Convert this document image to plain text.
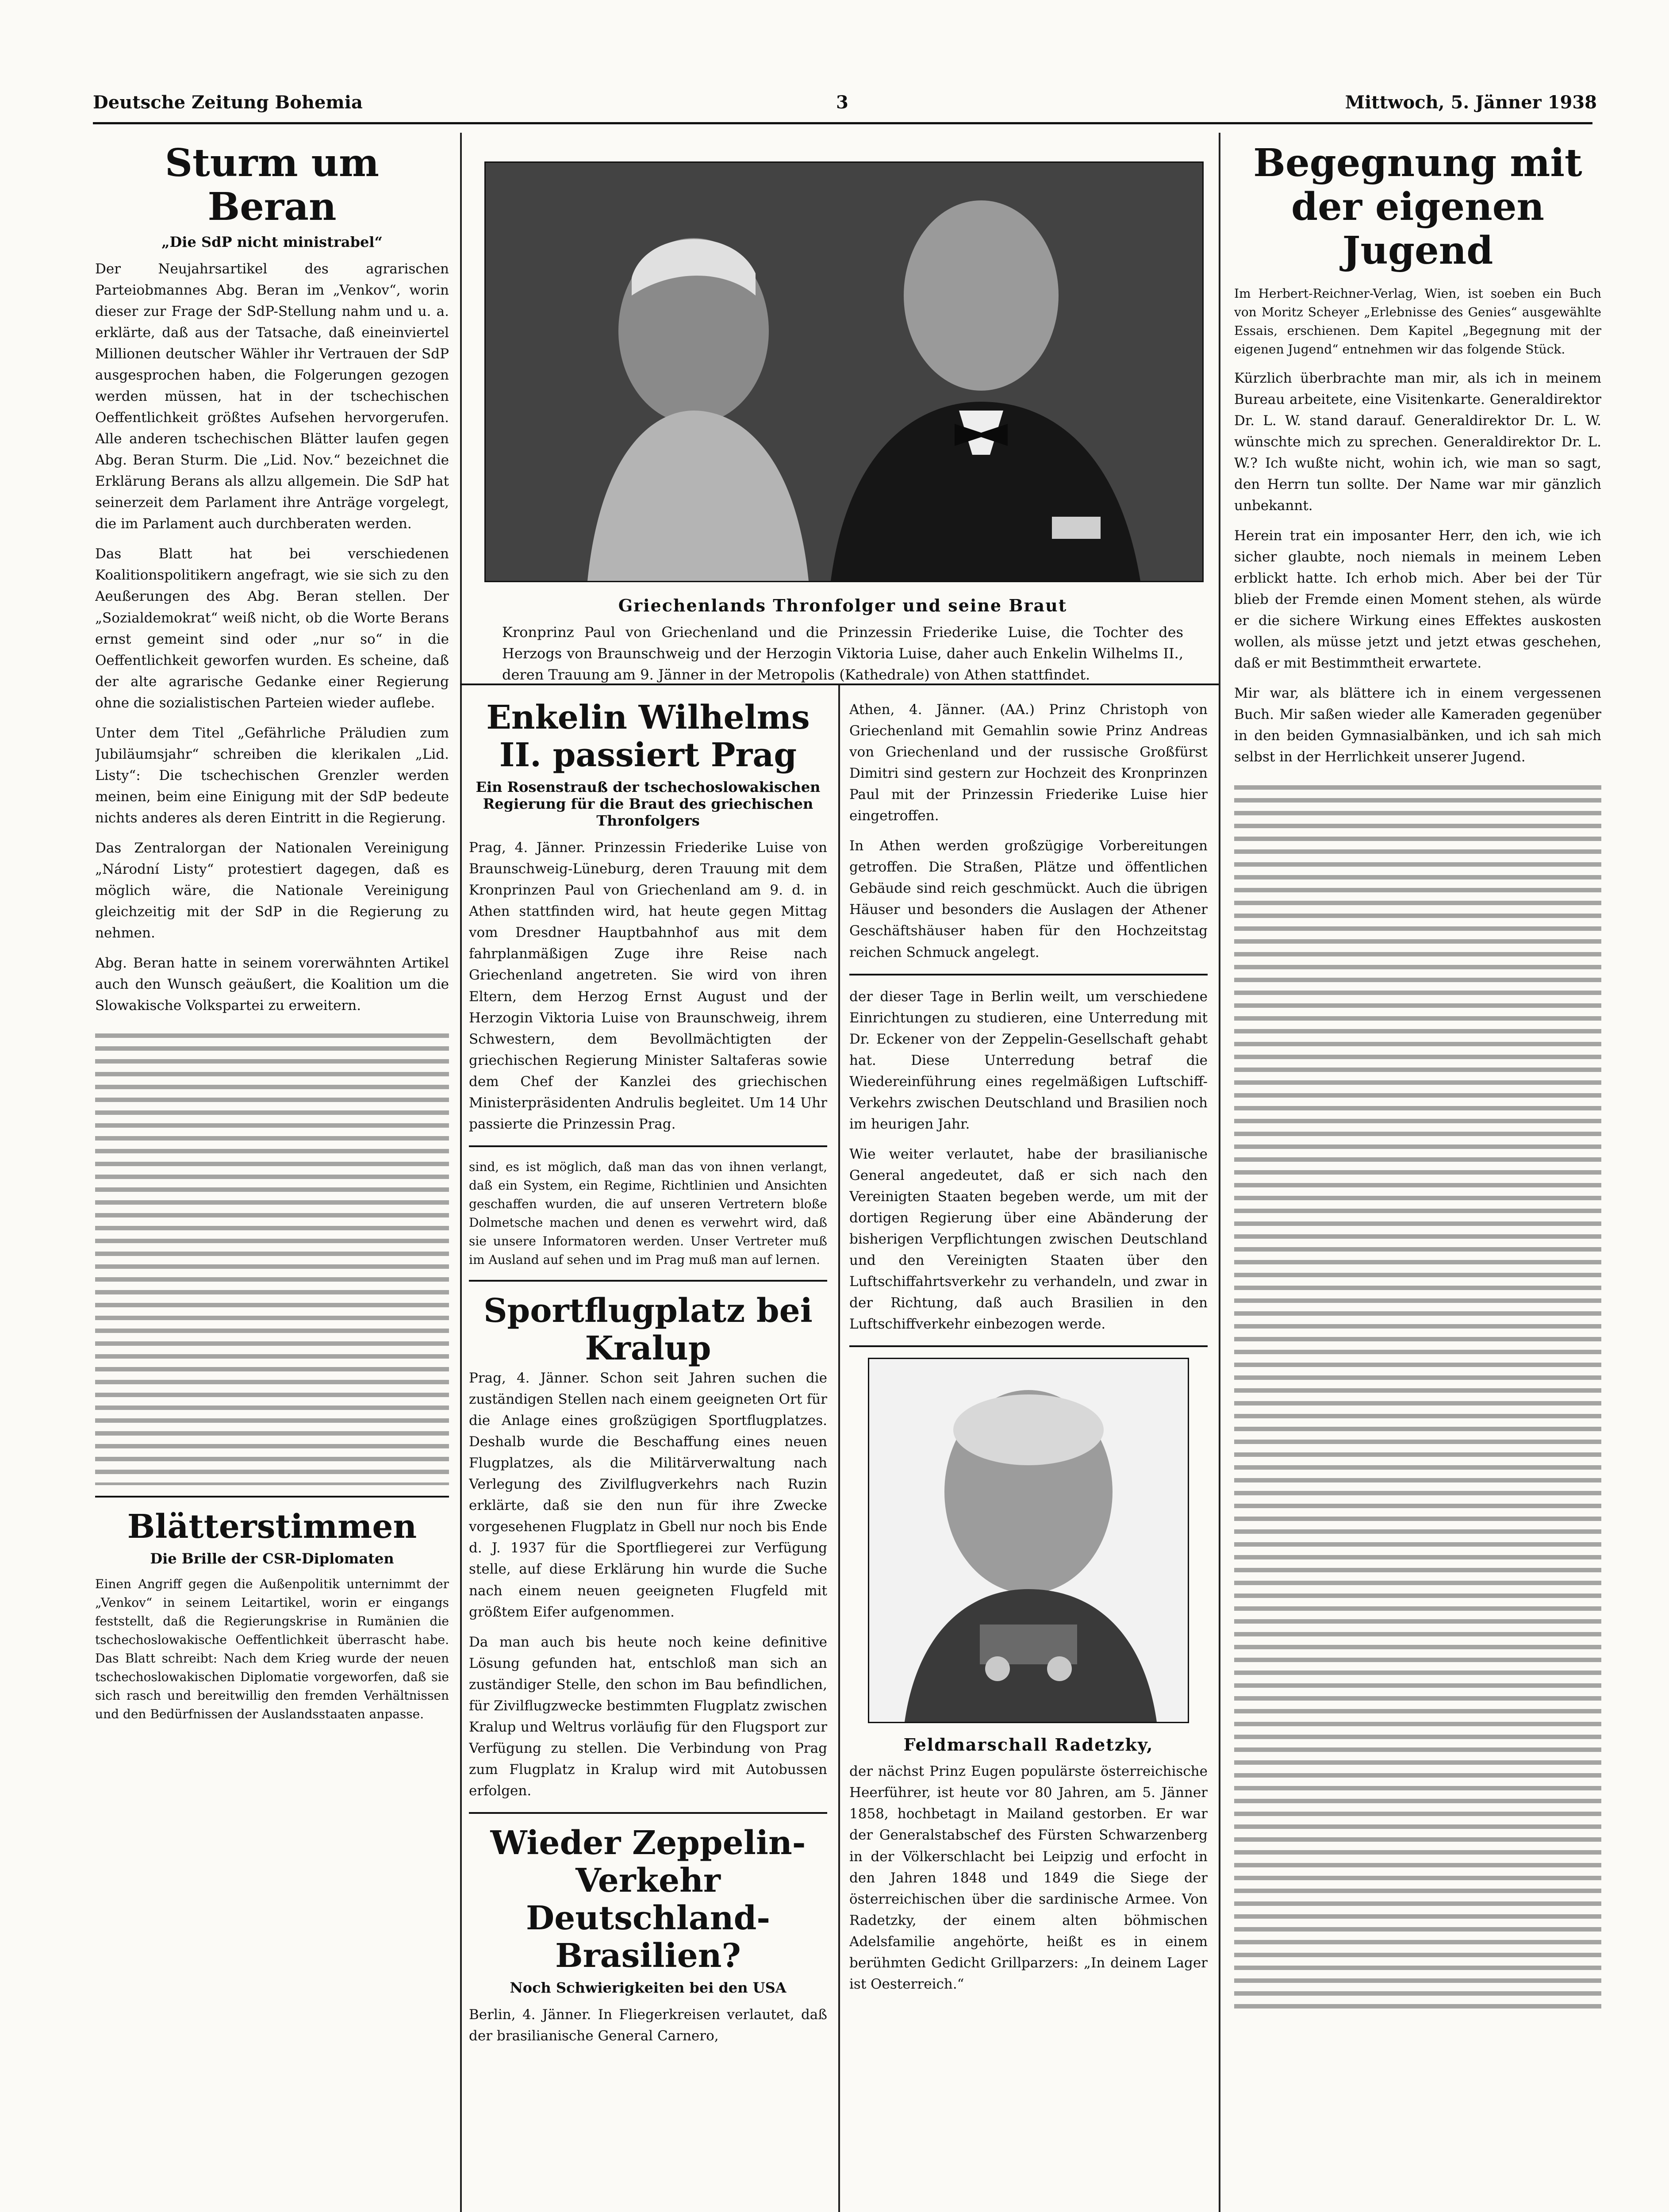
Deutsche Zeitung Bohemia	3	Mittwoch, 5. Jänner 1938
Sturm um Beran
„Die SdP nicht ministrabel“

Der Neujahrsartikel des agrarischen Parteiobmannes Abg. Beran im „Venkov“, worin dieser zur Frage der SdP-Stellung nahm und u. a. erklärte, daß aus der Tatsache, daß eineinviertel Millionen deutscher Wähler ihr Vertrauen der SdP ausgesprochen haben, die Folgerungen gezogen werden müssen, hat in der tschechischen Oeffentlichkeit größtes Aufsehen hervorgerufen. Alle anderen tschechischen Blätter laufen gegen Abg. Beran Sturm. Die „Lid. Nov.“ bezeichnet die Erklärung Berans als allzu allgemein. Die SdP hat seinerzeit dem Parlament ihre Anträge vorgelegt, die im Parlament auch durchberaten werden.

Das Blatt hat bei verschiedenen Koalitionspolitikern angefragt, wie sie sich zu den Aeußerungen des Abg. Beran stellen. Der „Sozialdemokrat“ weiß nicht, ob die Worte Berans ernst gemeint sind oder „nur so“ in die Oeffentlichkeit geworfen wurden. Es scheine, daß der alte agrarische Gedanke einer Regierung ohne die sozialistischen Parteien wieder auflebe.

Unter dem Titel „Gefährliche Präludien zum Jubiläumsjahr“ schreiben die klerikalen „Lid. Listy“: Die tschechischen Grenzler werden meinen, beim eine Einigung mit der SdP bedeute nichts anderes als deren Eintritt in die Regierung.

Das Zentralorgan der Nationalen Vereinigung „Národní Listy“ protestiert dagegen, daß es möglich wäre, die Nationale Vereinigung gleichzeitig mit der SdP in die Regierung zu nehmen.

Abg. Beran hatte in seinem vorerwähnten Artikel auch den Wunsch geäußert, die Koalition um die Slowakische Volkspartei zu erweitern.

Blätterstimmen
Die Brille der CSR-Diplomaten

Einen Angriff gegen die Außenpolitik unternimmt der „Venkov“ in seinem Leitartikel, worin er eingangs feststellt, daß die Regierungskrise in Rumänien die tschechoslowakische Oeffentlichkeit überrascht habe. Das Blatt schreibt: Nach dem Krieg wurde der neuen tschechoslowakischen Diplomatie vorgeworfen, daß sie sich rasch und bereitwillig den fremden Verhältnissen und den Bedürfnissen der Auslandsstaaten anpasse.

Griechenlands Thronfolger und seine Braut

Kronprinz Paul von Griechenland und die Prinzessin Friederike Luise, die Tochter des Herzogs von Braunschweig und der Herzogin Viktoria Luise, daher auch Enkelin Wilhelms II., deren Trauung am 9. Jänner in der Metropolis (Kathedrale) von Athen stattfindet.

Enkelin Wilhelms II. passiert Prag
Ein Rosenstrauß der tschechoslowakischen Regierung für die Braut des griechischen Thronfolgers

Prag, 4. Jänner. Prinzessin Friederike Luise von Braunschweig-Lüneburg, deren Trauung mit dem Kronprinzen Paul von Griechenland am 9. d. in Athen stattfinden wird, hat heute gegen Mittag vom Dresdner Hauptbahnhof aus mit dem fahrplanmäßigen Zuge ihre Reise nach Griechenland angetreten. Sie wird von ihren Eltern, dem Herzog Ernst August und der Herzogin Viktoria Luise von Braunschweig, ihrem Schwestern, dem Bevollmächtigten der griechischen Regierung Minister Saltaferas sowie dem Chef der Kanzlei des griechischen Ministerpräsidenten Andrulis begleitet. Um 14 Uhr passierte die Prinzessin Prag.

sind, es ist möglich, daß man das von ihnen verlangt, daß ein System, ein Regime, Richtlinien und Ansichten geschaffen wurden, die auf unseren Vertretern bloße Dolmetsche machen und denen es verwehrt wird, daß sie unsere Informatoren werden. Unser Vertreter muß im Ausland auf sehen und im Prag muß man auf lernen.

Sportflugplatz bei Kralup

Prag, 4. Jänner. Schon seit Jahren suchen die zuständigen Stellen nach einem geeigneten Ort für die Anlage eines großzügigen Sportflugplatzes. Deshalb wurde die Beschaffung eines neuen Flugplatzes, als die Militärverwaltung nach Verlegung des Zivilflugverkehrs nach Ruzin erklärte, daß sie den nun für ihre Zwecke vorgesehenen Flugplatz in Gbell nur noch bis Ende d. J. 1937 für die Sportfliegerei zur Verfügung stelle, auf diese Erklärung hin wurde die Suche nach einem neuen geeigneten Flugfeld mit größtem Eifer aufgenommen.

Da man auch bis heute noch keine definitive Lösung gefunden hat, entschloß man sich an zuständiger Stelle, den schon im Bau befindlichen, für Zivilflugzwecke bestimmten Flugplatz zwischen Kralup und Weltrus vorläufig für den Flugsport zur Verfügung zu stellen. Die Verbindung von Prag zum Flugplatz in Kralup wird mit Autobussen erfolgen.

Wieder Zeppelin-Verkehr Deutschland-Brasilien?
Noch Schwierigkeiten bei den USA

Berlin, 4. Jänner. In Fliegerkreisen verlautet, daß der brasilianische General Carnero,

Athen, 4. Jänner. (AA.) Prinz Christoph von Griechenland mit Gemahlin sowie Prinz Andreas von Griechenland und der russische Großfürst Dimitri sind gestern zur Hochzeit des Kronprinzen Paul mit der Prinzessin Friederike Luise hier eingetroffen.

In Athen werden großzügige Vorbereitungen getroffen. Die Straßen, Plätze und öffentlichen Gebäude sind reich geschmückt. Auch die übrigen Häuser und besonders die Auslagen der Athener Geschäftshäuser haben für den Hochzeitstag reichen Schmuck angelegt.

der dieser Tage in Berlin weilt, um verschiedene Einrichtungen zu studieren, eine Unterredung mit Dr. Eckener von der Zeppelin-Gesellschaft gehabt hat. Diese Unterredung betraf die Wiedereinführung eines regelmäßigen Luftschiff-Verkehrs zwischen Deutschland und Brasilien noch im heurigen Jahr.

Wie weiter verlautet, habe der brasilianische General angedeutet, daß er sich nach den Vereinigten Staaten begeben werde, um mit der dortigen Regierung über eine Abänderung der bisherigen Verpflichtungen zwischen Deutschland und den Vereinigten Staaten über den Luftschiffahrtsverkehr zu verhandeln, und zwar in der Richtung, daß auch Brasilien in den Luftschiffverkehr einbezogen werde.

Feldmarschall Radetzky,

der nächst Prinz Eugen populärste österreichische Heerführer, ist heute vor 80 Jahren, am 5. Jänner 1858, hochbetagt in Mailand gestorben. Er war der Generalstabschef des Fürsten Schwarzenberg in der Völkerschlacht bei Leipzig und erfocht in den Jahren 1848 und 1849 die Siege der österreichischen über die sardinische Armee. Von Radetzky, der einem alten böhmischen Adelsfamilie angehörte, heißt es in einem berühmten Gedicht Grillparzers: „In deinem Lager ist Oesterreich.“

Begegnung mit der eigenen Jugend

Im Herbert-Reichner-Verlag, Wien, ist soeben ein Buch von Moritz Scheyer „Erlebnisse des Genies“ ausgewählte Essais, erschienen. Dem Kapitel „Begegnung mit der eigenen Jugend“ entnehmen wir das folgende Stück.

Kürzlich überbrachte man mir, als ich in meinem Bureau arbeitete, eine Visitenkarte. Generaldirektor Dr. L. W. stand darauf. Generaldirektor Dr. L. W. wünschte mich zu sprechen. Generaldirektor Dr. L. W.? Ich wußte nicht, wohin ich, wie man so sagt, den Herrn tun sollte. Der Name war mir gänzlich unbekannt.

Herein trat ein imposanter Herr, den ich, wie ich sicher glaubte, noch niemals in meinem Leben erblickt hatte. Ich erhob mich. Aber bei der Tür blieb der Fremde einen Moment stehen, als würde er die sichere Wirkung eines Effektes auskosten wollen, als müsse jetzt und jetzt etwas geschehen, daß er mit Bestimmtheit erwartete.

Mir war, als blättere ich in einem vergessenen Buch. Mir saßen wieder alle Kameraden gegenüber in den beiden Gymnasialbänken, und ich sah mich selbst in der Herrlichkeit unserer Jugend.
